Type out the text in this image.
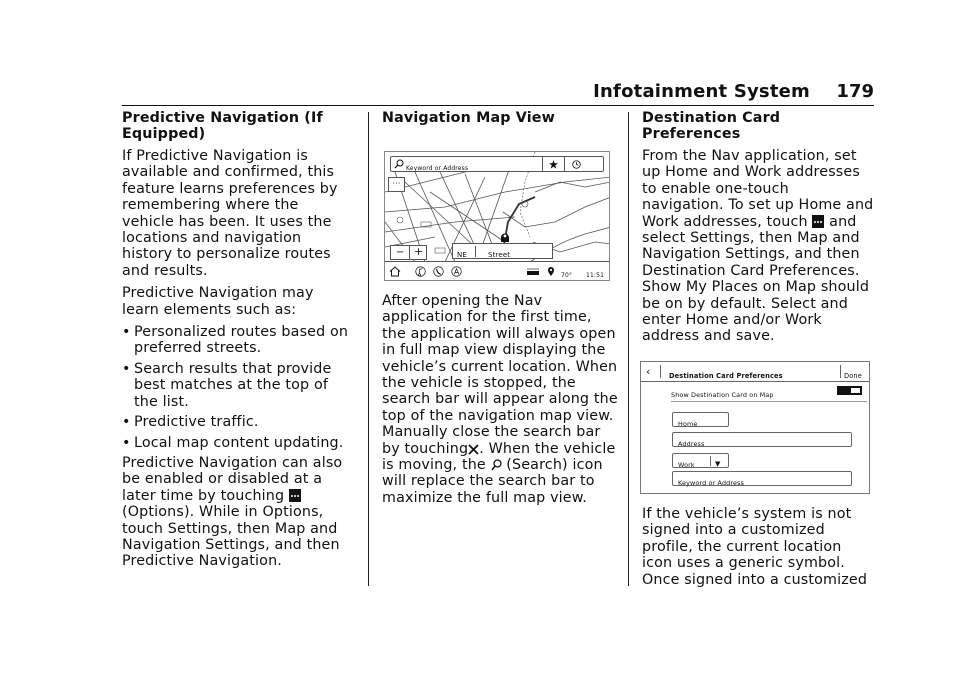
Infotainment System 179
Predictive Navigation (If Equipped)

If Predictive Navigation is available and confirmed, this feature learns preferences by remembering where the vehicle has been. It uses the locations and navigation history to personalize routes and results.

Predictive Navigation may learn elements such as:

• Personalized routes based on preferred streets.
• Search results that provide best matches at the top of the list.
• Predictive traffic.
• Local map content updating.

Predictive Navigation can also be enabled or disabled at a later time by touching  (Options). While in Options, touch Settings, then Map and Navigation Settings, and then Predictive Navigation.

Navigation Map View
Keyword or Address
···
− +	NE	Street
70° 11:51

After opening the Nav application for the first time, the application will always open in full map view displaying the vehicle’s current location. When the vehicle is stopped, the search bar will appear along the top of the navigation map view. Manually close the search bar by touching . When the vehicle is moving, the (Search) icon will replace the search bar to maximize the full map view.

Destination Card Preferences

From the Nav application, set up Home and Work addresses to enable one-touch navigation. To set up Home and Work addresses, touch and select Settings, then Map and Navigation Settings, and then Destination Card Preferences. Show My Places on Map should be on by default. Select and enter Home and/or Work address and save.

‹	Destination Card Preferences	Done
Show Destination Card on Map
Home
Address
Work	▼
Keyword or Address

If the vehicle’s system is not signed into a customized profile, the current location icon uses a generic symbol. Once signed into a customized
